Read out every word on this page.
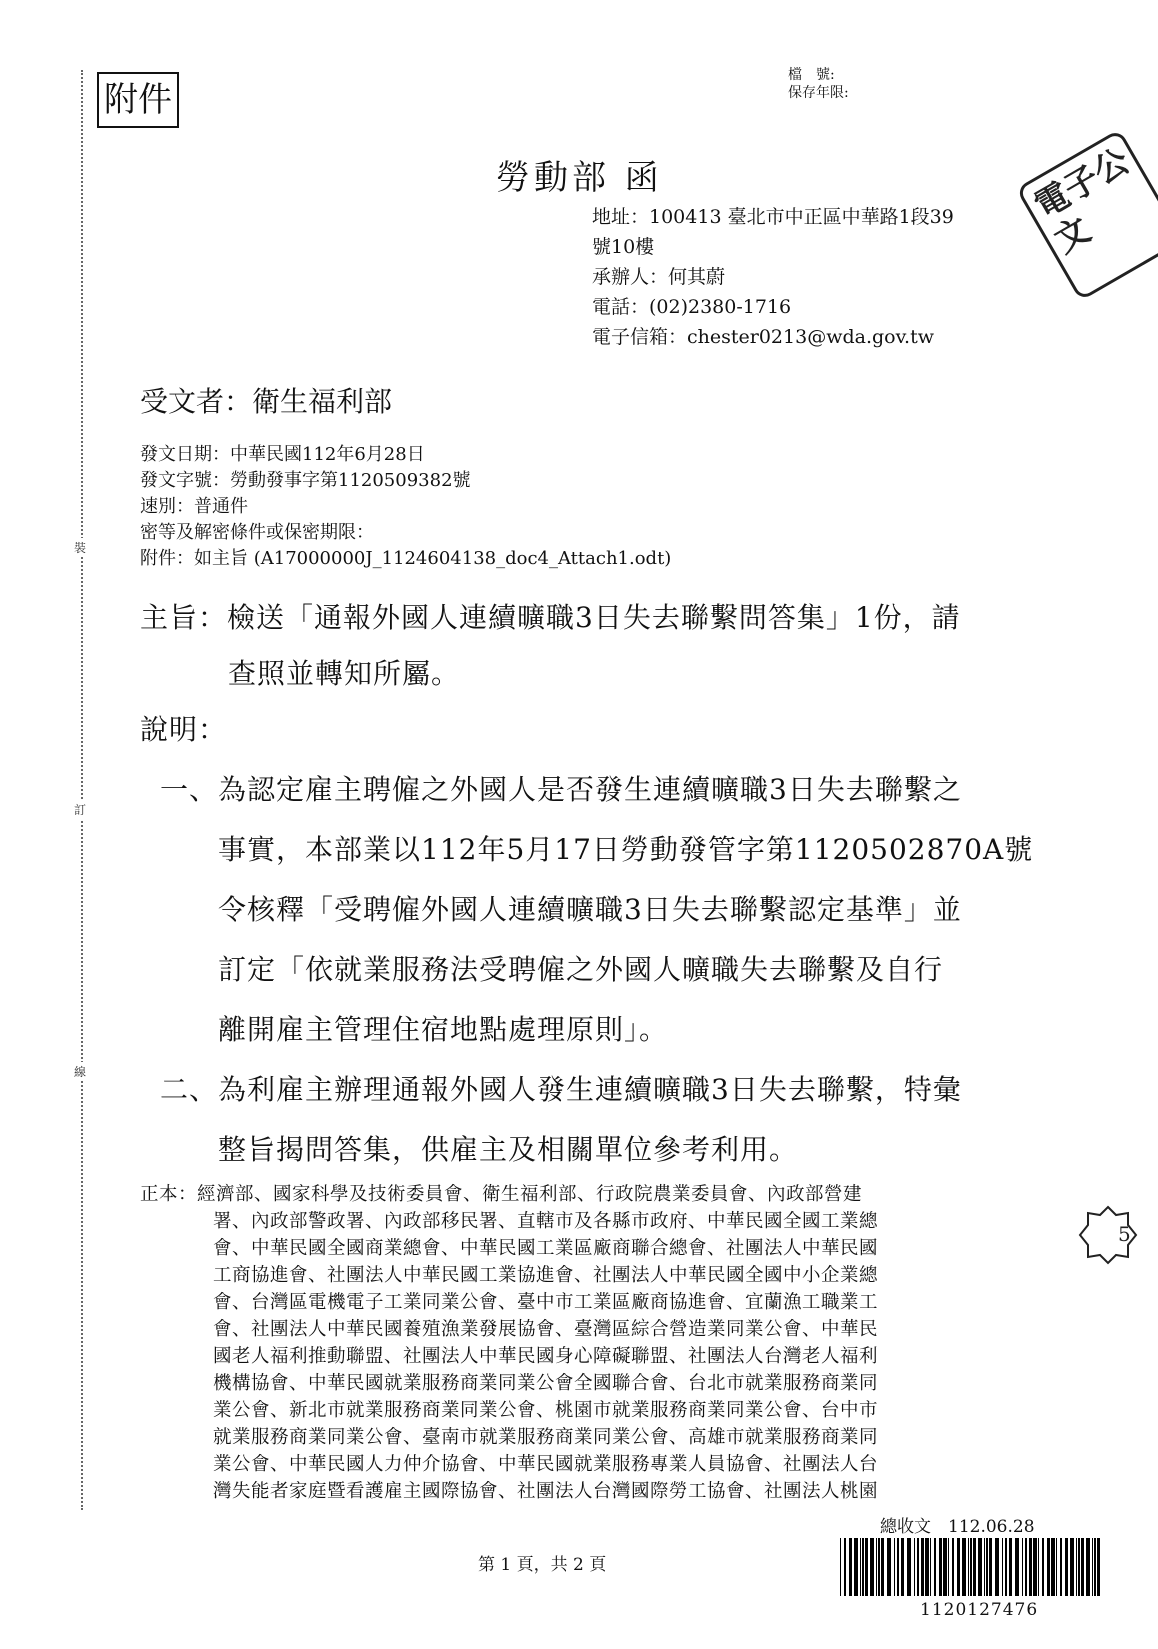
裝
訂
線
附件
檔　號:
保存年限:
電子公文
勞動部 函
地址：100413 臺北市中正區中華路1段39
號10樓
承辦人：何其蔚
電話：(02)2380-1716
電子信箱：chester0213@wda.gov.tw
受文者：衛生福利部
發文日期：中華民國112年6月28日
發文字號：勞動發事字第1120509382號
速別：普通件
密等及解密條件或保密期限：
附件：如主旨 (A17000000J_1124604138_doc4_Attach1.odt)
主旨：檢送「通報外國人連續曠職3日失去聯繫問答集」1份，請
查照並轉知所屬。
說明：
一、為認定雇主聘僱之外國人是否發生連續曠職3日失去聯繫之
事實，本部業以112年5月17日勞動發管字第1120502870A號
令核釋「受聘僱外國人連續曠職3日失去聯繫認定基準」並
訂定「依就業服務法受聘僱之外國人曠職失去聯繫及自行
離開雇主管理住宿地點處理原則」。
二、為利雇主辦理通報外國人發生連續曠職3日失去聯繫，特彙
整旨揭問答集，供雇主及相關單位參考利用。
正本：經濟部、國家科學及技術委員會、衛生福利部、行政院農業委員會、內政部營建
署、內政部警政署、內政部移民署、直轄市及各縣市政府、中華民國全國工業總
會、中華民國全國商業總會、中華民國工業區廠商聯合總會、社團法人中華民國
工商協進會、社團法人中華民國工業協進會、社團法人中華民國全國中小企業總
會、台灣區電機電子工業同業公會、臺中市工業區廠商協進會、宜蘭漁工職業工
會、社團法人中華民國養殖漁業發展協會、臺灣區綜合營造業同業公會、中華民
國老人福利推動聯盟、社團法人中華民國身心障礙聯盟、社團法人台灣老人福利
機構協會、中華民國就業服務商業同業公會全國聯合會、台北市就業服務商業同
業公會、新北市就業服務商業同業公會、桃園市就業服務商業同業公會、台中市
就業服務商業同業公會、臺南市就業服務商業同業公會、高雄市就業服務商業同
業公會、中華民國人力仲介協會、中華民國就業服務專業人員協會、社團法人台
灣失能者家庭暨看護雇主國際協會、社團法人台灣國際勞工協會、社團法人桃園
5
總收文　112.06.28
1120127476
第 1 頁，共 2 頁
